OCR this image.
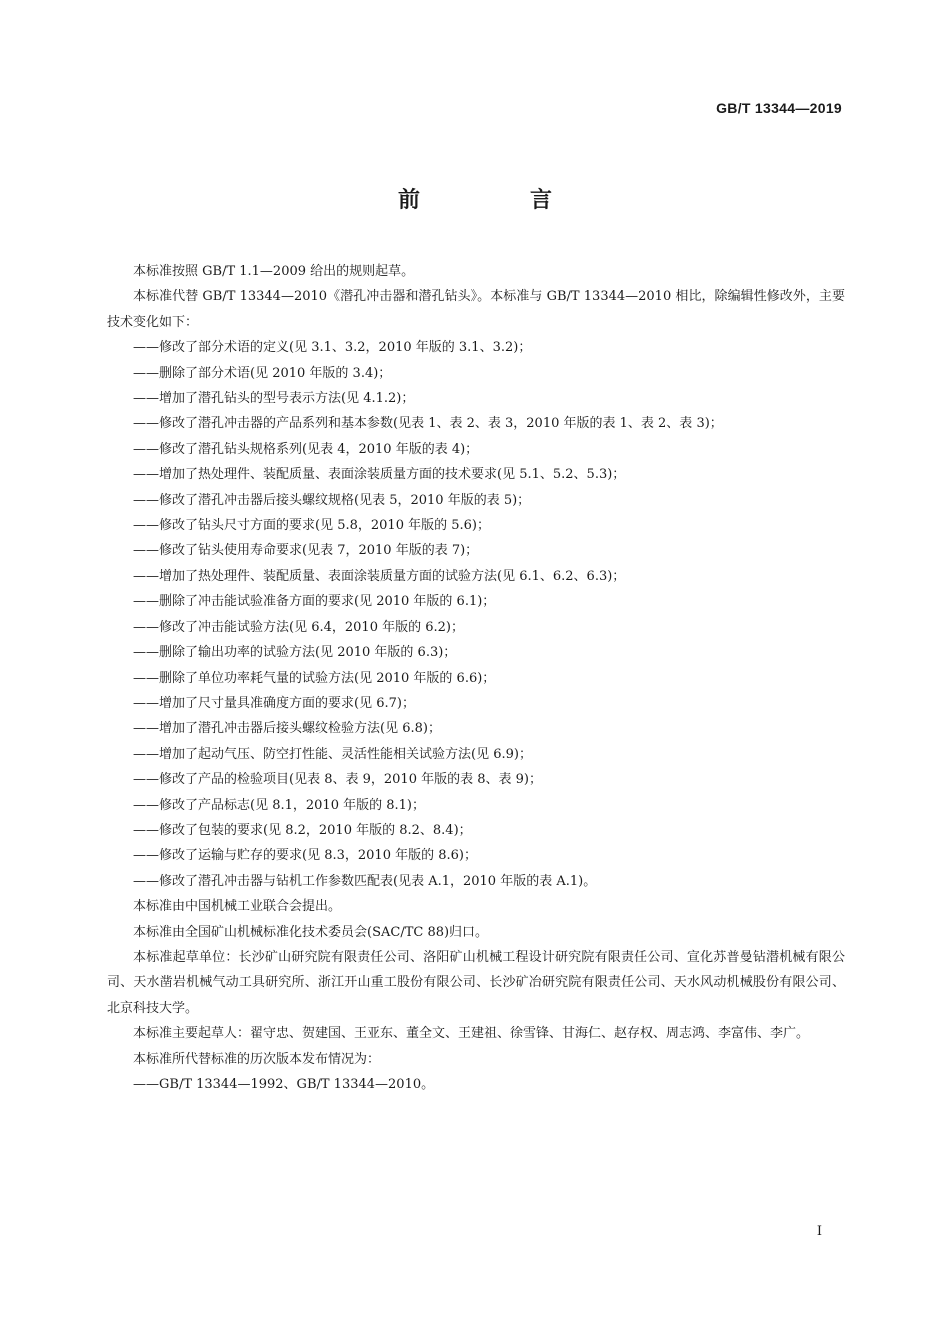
GB/T 13344—2019
前　言

本标准按照 GB/T 1.1—2009 给出的规则起草。

本标准代替 GB/T 13344—2010《潜孔冲击器和潜孔钻头》。本标准与 GB/T 13344—2010 相比，除编辑性修改外，主要技术变化如下：

——修改了部分术语的定义(见 3.1、3.2，2010 年版的 3.1、3.2)；

——删除了部分术语(见 2010 年版的 3.4)；

——增加了潜孔钻头的型号表示方法(见 4.1.2)；

——修改了潜孔冲击器的产品系列和基本参数(见表 1、表 2、表 3，2010 年版的表 1、表 2、表 3)；

——修改了潜孔钻头规格系列(见表 4，2010 年版的表 4)；

——增加了热处理件、装配质量、表面涂装质量方面的技术要求(见 5.1、5.2、5.3)；

——修改了潜孔冲击器后接头螺纹规格(见表 5，2010 年版的表 5)；

——修改了钻头尺寸方面的要求(见 5.8，2010 年版的 5.6)；

——修改了钻头使用寿命要求(见表 7，2010 年版的表 7)；

——增加了热处理件、装配质量、表面涂装质量方面的试验方法(见 6.1、6.2、6.3)；

——删除了冲击能试验准备方面的要求(见 2010 年版的 6.1)；

——修改了冲击能试验方法(见 6.4，2010 年版的 6.2)；

——删除了输出功率的试验方法(见 2010 年版的 6.3)；

——删除了单位功率耗气量的试验方法(见 2010 年版的 6.6)；

——增加了尺寸量具准确度方面的要求(见 6.7)；

——增加了潜孔冲击器后接头螺纹检验方法(见 6.8)；

——增加了起动气压、防空打性能、灵活性能相关试验方法(见 6.9)；

——修改了产品的检验项目(见表 8、表 9，2010 年版的表 8、表 9)；

——修改了产品标志(见 8.1，2010 年版的 8.1)；

——修改了包装的要求(见 8.2，2010 年版的 8.2、8.4)；

——修改了运输与贮存的要求(见 8.3，2010 年版的 8.6)；

——修改了潜孔冲击器与钻机工作参数匹配表(见表 A.1，2010 年版的表 A.1)。

本标准由中国机械工业联合会提出。

本标准由全国矿山机械标准化技术委员会(SAC/TC 88)归口。

本标准起草单位：长沙矿山研究院有限责任公司、洛阳矿山机械工程设计研究院有限责任公司、宣化苏普曼钻潜机械有限公司、天水凿岩机械气动工具研究所、浙江开山重工股份有限公司、长沙矿冶研究院有限责任公司、天水风动机械股份有限公司、北京科技大学。

本标准主要起草人：翟守忠、贺建国、王亚东、董全文、王建祖、徐雪锋、甘海仁、赵存权、周志鸿、李富伟、李广。

本标准所代替标准的历次版本发布情况为：

——GB/T 13344—1992、GB/T 13344—2010。

I
